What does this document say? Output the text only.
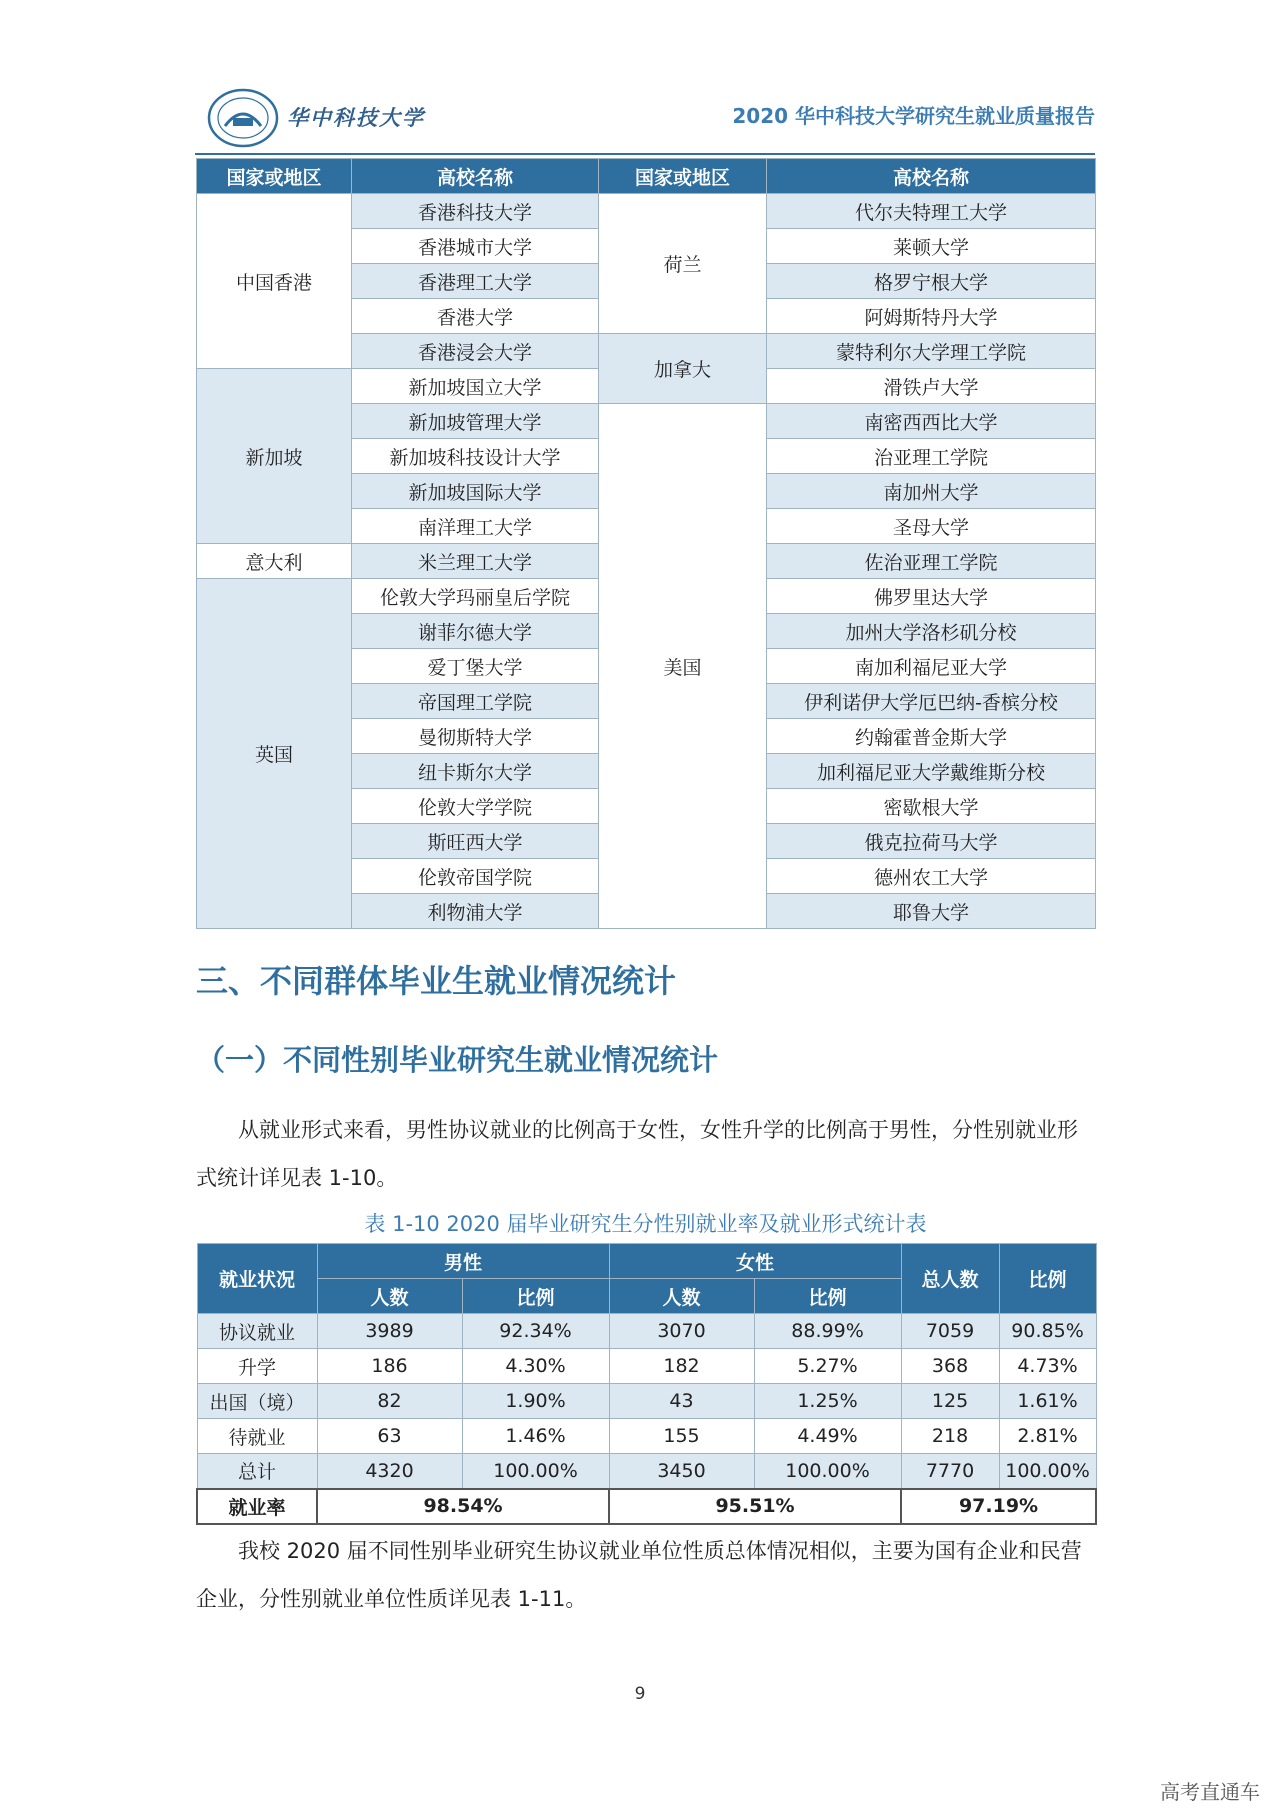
华中科技大学	2020 华中科技大学研究生就业质量报告
国家或地区	高校名称	国家或地区	高校名称
中国香港	香港科技大学	荷兰	代尔夫特理工大学
	香港城市大学		莱顿大学
	香港理工大学		格罗宁根大学
	香港大学		阿姆斯特丹大学
	香港浸会大学	加拿大	蒙特利尔大学理工学院
新加坡	新加坡国立大学		滑铁卢大学
	新加坡管理大学	美国	南密西西比大学
	新加坡科技设计大学		治亚理工学院
	新加坡国际大学		南加州大学
	南洋理工大学		圣母大学
意大利	米兰理工大学		佐治亚理工学院
英国	伦敦大学玛丽皇后学院		佛罗里达大学
	谢菲尔德大学		加州大学洛杉矶分校
	爱丁堡大学		南加利福尼亚大学
	帝国理工学院		伊利诺伊大学厄巴纳-香槟分校
	曼彻斯特大学		约翰霍普金斯大学
	纽卡斯尔大学		加利福尼亚大学戴维斯分校
	伦敦大学学院		密歇根大学
	斯旺西大学		俄克拉荷马大学
	伦敦帝国学院		德州农工大学
	利物浦大学		耶鲁大学
三、不同群体毕业生就业情况统计
（一）不同性别毕业研究生就业情况统计
从就业形式来看，男性协议就业的比例高于女性，女性升学的比例高于男性，分性别就业形式统计详见表 1-10。
表 1-10 2020 届毕业研究生分性别就业率及就业形式统计表
就业状况	男性		女性		总人数	比例
	人数	比例	人数	比例		
协议就业	3989	92.34%	3070	88.99%	7059	90.85%
升学	186	4.30%	182	5.27%	368	4.73%
出国（境）	82	1.90%	43	1.25%	125	1.61%
待就业	63	1.46%	155	4.49%	218	2.81%
总计	4320	100.00%	3450	100.00%	7770	100.00%
就业率	98.54%		95.51%		97.19%	
我校 2020 届不同性别毕业研究生协议就业单位性质总体情况相似，主要为国有企业和民营企业，分性别就业单位性质详见表 1-11。
9
高考直通车
